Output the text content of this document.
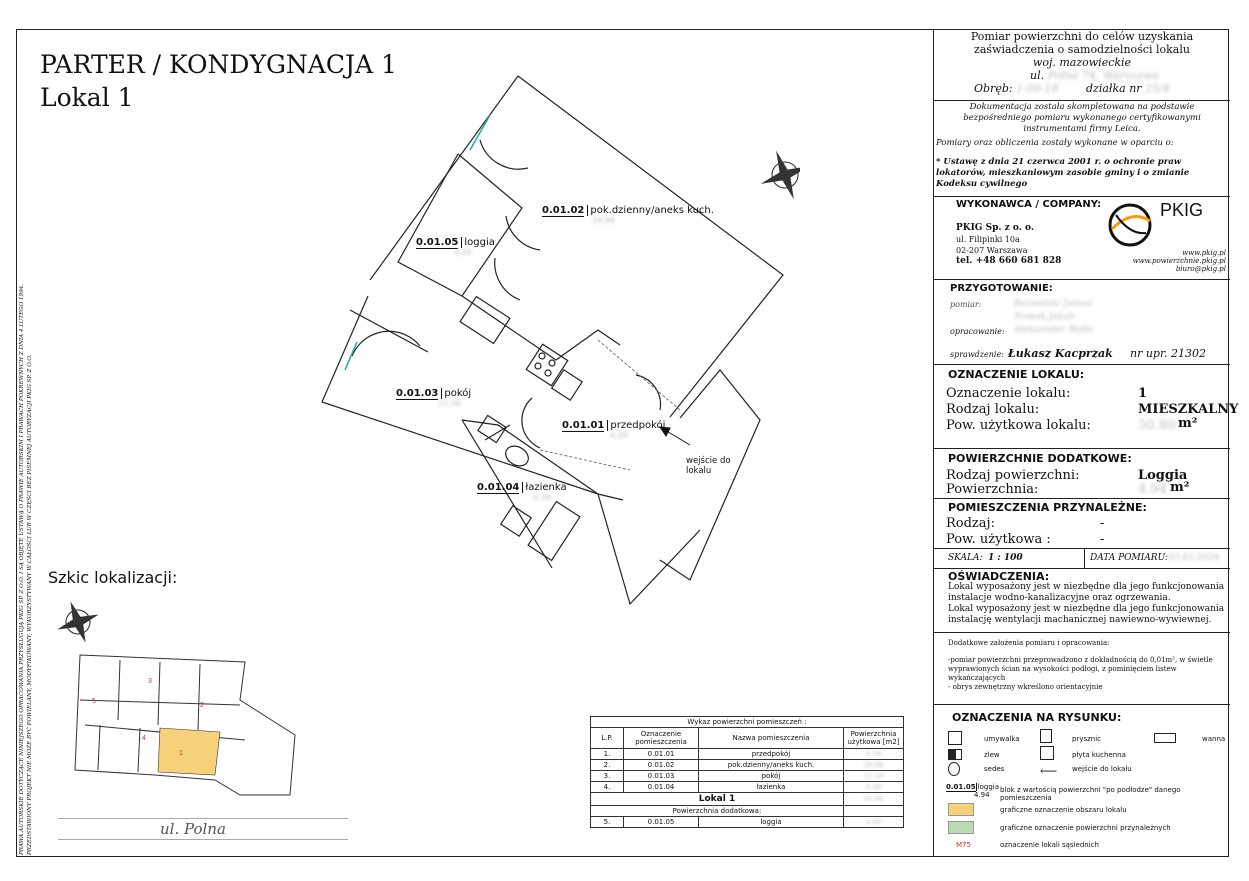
PARTER / KONDYGNACJA 1
Lokal 1
PRAWA AUTORSKIE DOTYCZĄCE NINIEJSZEGO OPRACOWANIA PRZYSŁUGUJĄ PKIG SP. Z O.O. I SĄ OBJĘTE USTAWĄ O PRAWIE AUTORSKIM I PRAWACH POKREWNYCH Z DNIA 4 LUTEGO 1994. PRZEDSTAWIONY PROJEKT NIE MOŻE BYĆ POWIELANY, MODYFIKOWANY, WYKORZYSTYWANY W CAŁOŚCI LUB W CZĘŚCI BEZ PISEMNEJ AUTORYZACJI PKIG SP. Z O.O.
0.01.02 pok.dzienny/aneks kuch.
29.98
0.01.05 loggia
4.94
0.01.03 pokój
12.16
0.01.01 przedpokój
4.28
0.01.04 łazienka
4.38
wejście do lokalu
Szkic lokalizacji:
1
2
3
4
5
ul. Polna
Wykaz powierzchni pomieszczeń :			
L.P.	Oznaczenie pomieszczenia	Nazwa pomieszczenia	Powierzchnia użytkowa [m2]
1.	0.01.01	przedpokój	4.28
2.	0.01.02	pok.dzienny/aneks kuch.	29.98
3.	0.01.03	pokój	12.16
4.	0.01.04	łazienka	4.38
Lokal 1			50.80
Powierzchnia dodatkowa:			
5.	0.01.05	loggia	4.94
Pomiar powierzchni do celów uzyskania
zaświadczenia o samodzielności lokalu
woj. mazowieckie
ul. Polna 74, Warszawa
Obręb: 1-00-18 działka nr 25/4
Dokumentacja została skompletowana na podstawie bezpośredniego pomiaru wykonanego certyfikowanymi instrumentami firmy Leica.
Pomiary oraz obliczenia zostały wykonane w oparciu o:
* Ustawę z dnia 21 czerwca 2001 r. o ochronie praw lokatorów, mieszkaniowym zasobie gminy i o zmianie Kodeksu cywilnego
WYKONAWCA / COMPANY:
PKIG Sp. z o. o.
ul. Filipinki 10a
02-207 Warszawa
tel. +48 660 681 828
PKIG
www.pkig.pl
www.powierzchnie.pkig.pl
biuro@pkig.pl
PRZYGOTOWANIE:
pomiar:	Rozwidzki Janusz
Nowak Jakub
opracowanie: Aleksander Wolle
sprawdzenie: Łukasz Kacprzak nr upr. 21302
OZNACZENIE LOKALU:
Oznaczenie lokalu:	1
Rodzaj lokalu:	MIESZKALNY
Pow. użytkowa lokalu:	50.80 m²
POWIERZCHNIE DODATKOWE:
Rodzaj powierzchni:	Loggia
Powierzchnia:	4.94 m²
POMIESZCZENIA PRZYNALEŻNE:
Rodzaj:	-
Pow. użytkowa :	-
SKALA: 1 : 100	DATA POMIARU: 03.03.2024
OŚWIADCZENIA:
Lokal wyposażony jest w niezbędne dla jego funkcjonowania instalacje wodno-kanalizacyjne oraz ogrzewania.
Lokal wyposażony jest w niezbędne dla jego funkcjonowania instalację wentylacji machanicznej nawiewno-wywiewnej.
Dodatkowe założenia pomiaru i opracowania:
-pomiar powierzchni przeprowadzono z dokładnością do 0,01m², w świetle wyprawionych ścian na wysokości podłogi, z pominięciem listew wykańczających
- obrys zewnętrzny wkreślono orientacyjnie
OZNACZENIA NA RYSUNKU:
umywalka	prysznic	wanna
zlew	płyta kuchenna
sedes	⟵ wejście do lokalu
0.01.05 loggia
4.94
blok z wartością powierzchni "po podłodze" danego pomieszczenia
graficzne oznaczenie obszaru lokalu
graficzne oznaczenie powierzchni przynależnych
M75	oznaczenie lokali sąsiednich
